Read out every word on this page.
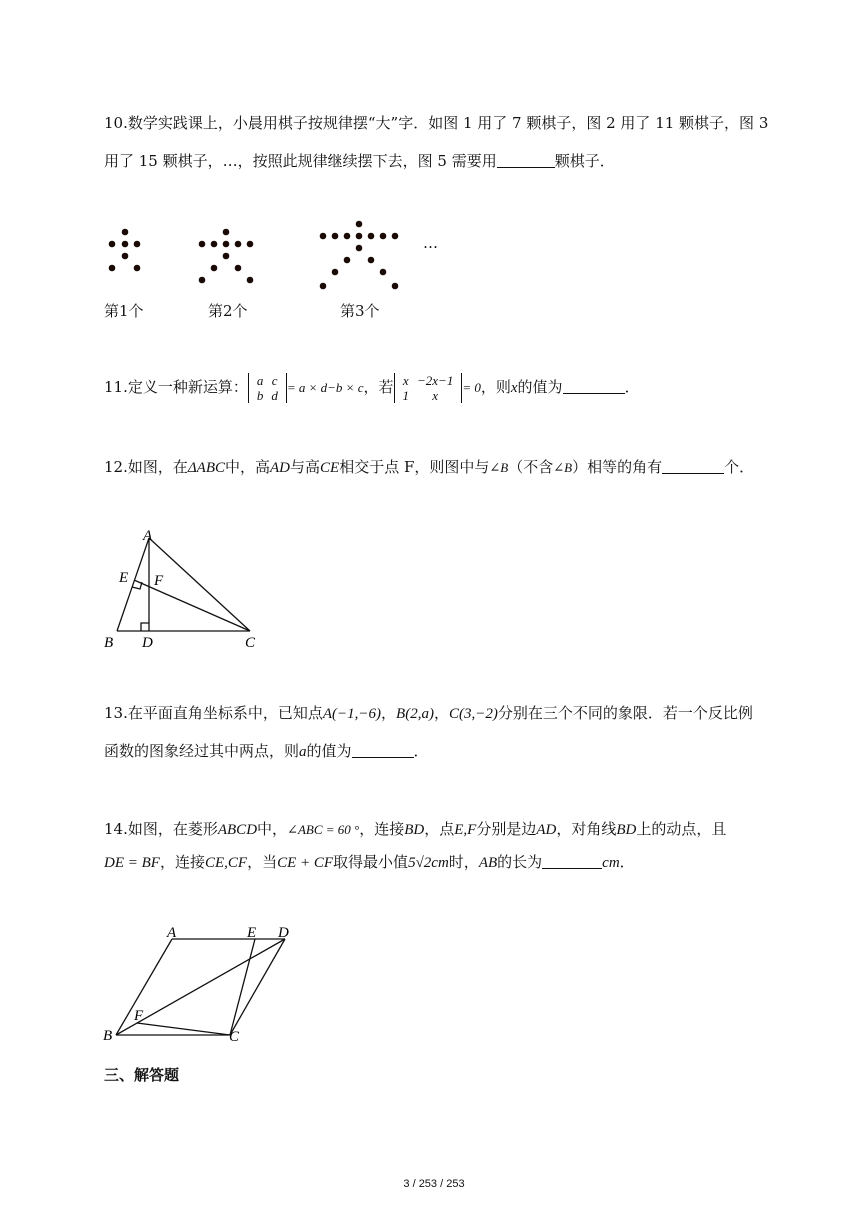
10.数学实践课上，小晨用棋子按规律摆“大”字．如图 1 用了 7 颗棋子，图 2 用了 11 颗棋子，图 3
用了 15 颗棋子，…，按照此规律继续摆下去，图 5 需要用	颗棋子．
…
第1个	第2个	第3个
11.定义一种新运算： a	c
b	d
= a × d−b × c，若 x	−2x−1
1	x
= 0，则x的值为	．
12.如图，在ΔABC中，高AD与高CE相交于点 F，则图中与∠B（不含∠B）相等的角有	个．
A
E F
B D	C
13.在平面直角坐标系中，已知点A(−1,−6)，B(2,a)，C(3,−2)分别在三个不同的象限．若一个反比例
函数的图象经过其中两点，则a的值为	．
14.如图，在菱形ABCD中，∠ABC = 60 °，连接BD，点E,F分别是边AD，对角线BD上的动点，且
DE = BF，连接CE,CF，当CE + CF取得最小值5√2cm时，AB的长为	cm．
A	E D
F
B	C
三、解答题
3 / 253 / 253
